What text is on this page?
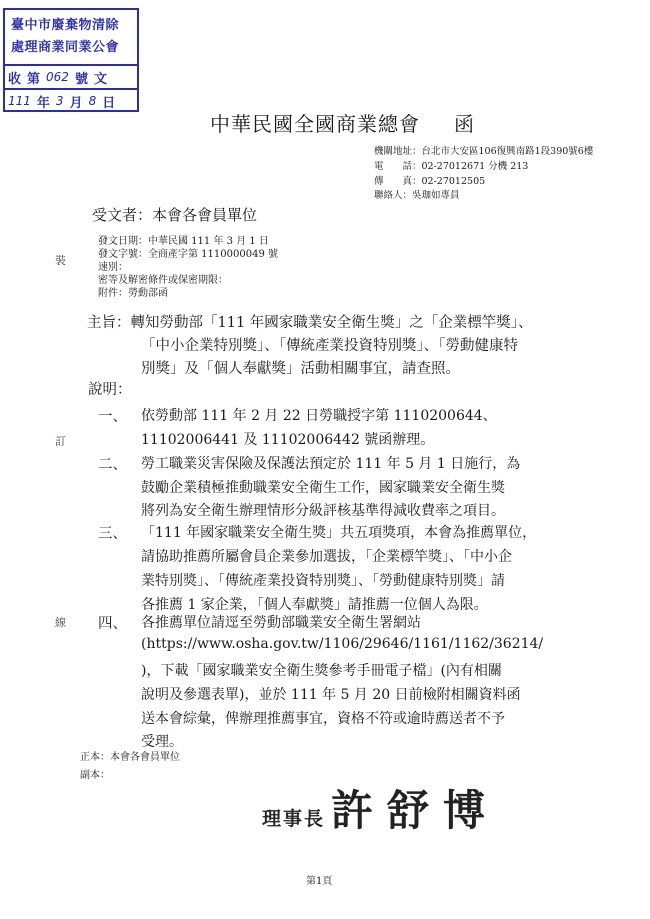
臺中市廢棄物清除
處理商業同業公會
收 第 062 號 文
111 年 3 月 8 日
中華民國全國商業總會 函
機關地址：台北市大安區106復興南路1段390號6樓
電　　話：02-27012671 分機 213
傳　　真：02-27012505
聯絡人：吳珈如專員
受文者：本會各會員單位
發文日期：中華民國 111 年 3 月 1 日
發文字號：全商產字第 1110000049 號
速別：
密等及解密條件或保密期限：
附件：勞動部函
主旨：轉知勞動部「111 年國家職業安全衛生獎」之「企業標竿獎」、
「中小企業特別獎」、「傳統產業投資特別獎」、「勞動健康特
別獎」及「個人奉獻獎」活動相關事宜，請查照。
說明：
一、 依勞動部 111 年 2 月 22 日勞職授字第 1110200644、
11102006441 及 11102006442 號函辦理。
二、 勞工職業災害保險及保護法預定於 111 年 5 月 1 日施行，為
鼓勵企業積極推動職業安全衛生工作，國家職業安全衛生獎
將列為安全衛生辦理情形分級評核基準得減收費率之項目。
三、 「111 年國家職業安全衛生獎」共五項獎項，本會為推薦單位，
請協助推薦所屬會員企業參加選拔，「企業標竿獎」、「中小企
業特別獎」、「傳統產業投資特別獎」、「勞動健康特別獎」請
各推薦 1 家企業，「個人奉獻獎」請推薦一位個人為限。
四、 各推薦單位請逕至勞動部職業安全衛生署網站
(https://www.osha.gov.tw/1106/29646/1161/1162/36214/
)，下載「國家職業安全衛生獎參考手冊電子檔」(內有相關
說明及參選表單)，並於 111 年 5 月 20 日前檢附相關資料函
送本會綜彙，俾辦理推薦事宜，資格不符或逾時薦送者不予
受理。
正本：本會各會員單位
副本：
理事長 許舒博
第1頁
裝
訂
線
